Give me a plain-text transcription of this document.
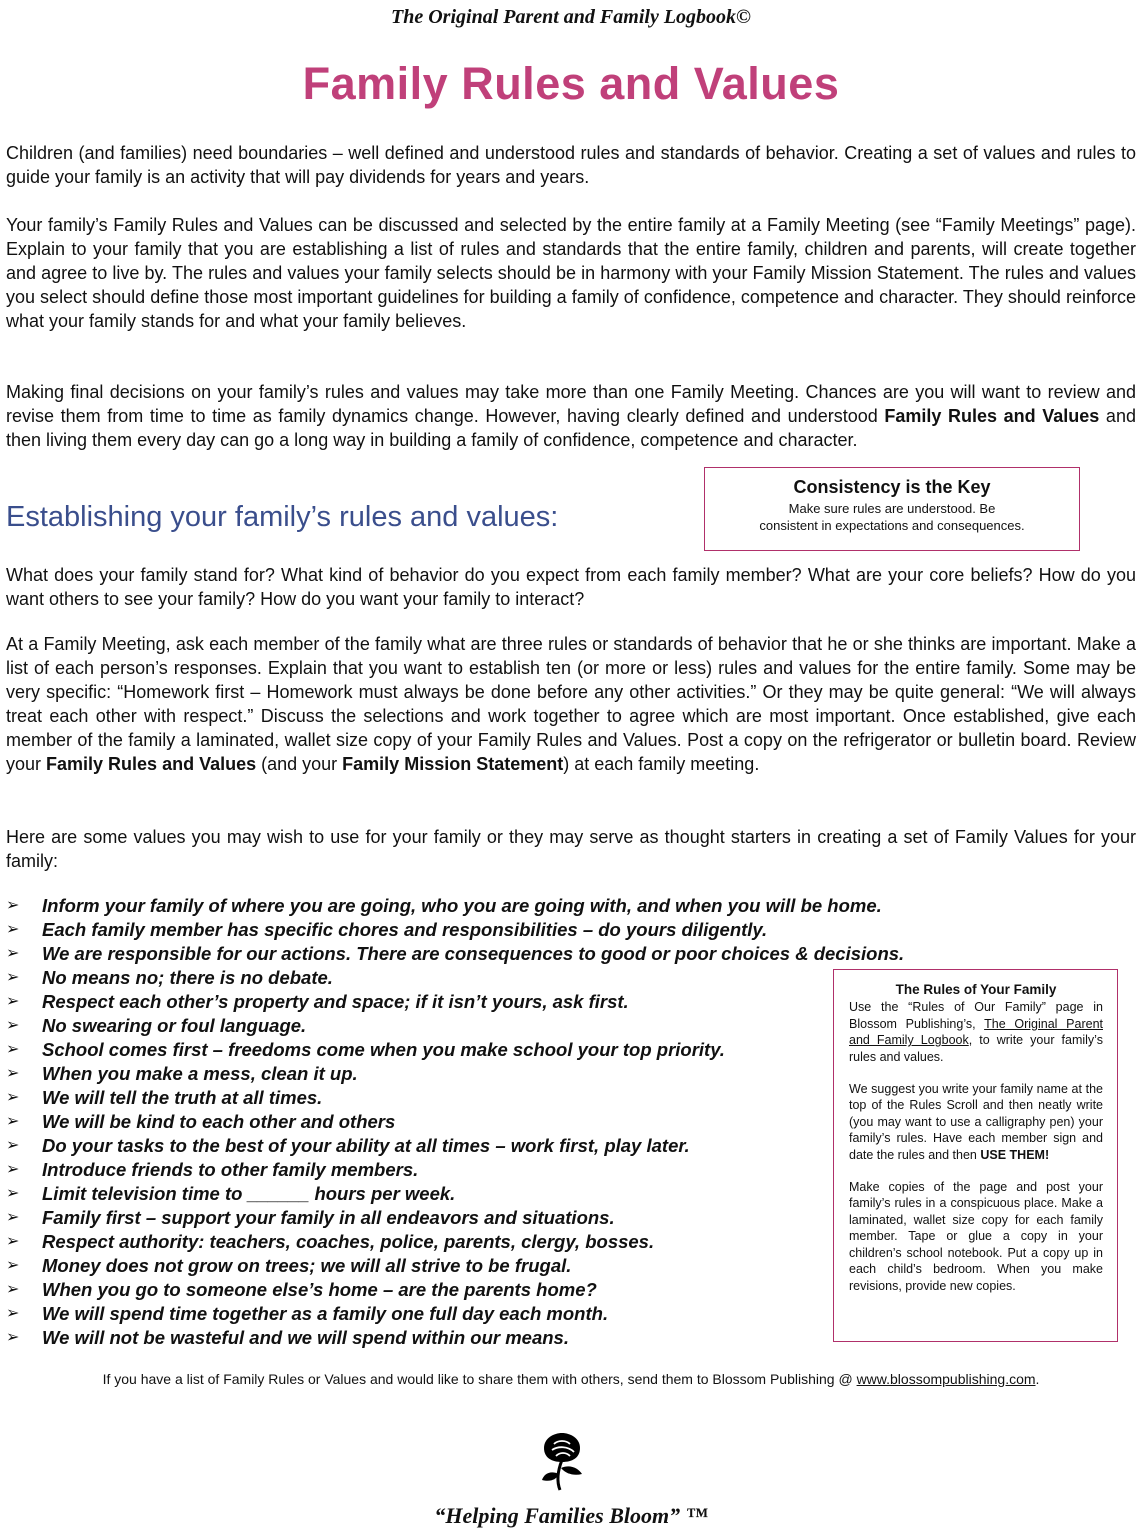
The Original Parent and Family Logbook©
Family Rules and Values

Children (and families) need boundaries – well defined and understood rules and standards of behavior. Creating a set of values and rules to guide your family is an activity that will pay dividends for years and years.

Your family’s Family Rules and Values can be discussed and selected by the entire family at a Family Meeting (see “Family Meetings” page). Explain to your family that you are establishing a list of rules and standards that the entire family, children and parents, will create together and agree to live by. The rules and values your family selects should be in harmony with your Family Mission Statement. The rules and values you select should define those most important guidelines for building a family of confidence, competence and character. They should reinforce what your family stands for and what your family believes.

Making final decisions on your family’s rules and values may take more than one Family Meeting. Chances are you will want to review and revise them from time to time as family dynamics change. However, having clearly defined and understood Family Rules and Values and then living them every day can go a long way in building a family of confidence, competence and character.

Establishing your family’s rules and values:
Consistency is the Key
Make sure rules are understood. Be
consistent in expectations and consequences.

What does your family stand for? What kind of behavior do you expect from each family member? What are your core beliefs? How do you want others to see your family? How do you want your family to interact?

At a Family Meeting, ask each member of the family what are three rules or standards of behavior that he or she thinks are important. Make a list of each person’s responses. Explain that you want to establish ten (or more or less) rules and values for the entire family. Some may be very specific: “Homework first – Homework must always be done before any other activities.” Or they may be quite general: “We will always treat each other with respect.” Discuss the selections and work together to agree which are most important. Once established, give each member of the family a laminated, wallet size copy of your Family Rules and Values. Post a copy on the refrigerator or bulletin board. Review your Family Rules and Values (and your Family Mission Statement) at each family meeting.

Here are some values you may wish to use for your family or they may serve as thought starters in creating a set of Family Values for your family:

➢	Inform your family of where you are going, who you are going with, and when you will be home.
➢	Each family member has specific chores and responsibilities – do yours diligently.
➢	We are responsible for our actions. There are consequences to good or poor choices & decisions.
➢	No means no; there is no debate.
➢	Respect each other’s property and space; if it isn’t yours, ask first.
➢	No swearing or foul language.
➢	School comes first – freedoms come when you make school your top priority.
➢	When you make a mess, clean it up.
➢	We will tell the truth at all times.
➢	We will be kind to each other and others
➢	Do your tasks to the best of your ability at all times – work first, play later.
➢	Introduce friends to other family members.
➢	Limit television time to ______ hours per week.
➢	Family first – support your family in all endeavors and situations.
➢	Respect authority: teachers, coaches, police, parents, clergy, bosses.
➢	Money does not grow on trees; we will all strive to be frugal.
➢	When you go to someone else’s home – are the parents home?
➢	We will spend time together as a family one full day each month.
➢	We will not be wasteful and we will spend within our means.
The Rules of Your Family

Use the “Rules of Our Family” page in Blossom Publishing’s, The Original Parent and Family Logbook, to write your family’s rules and values.

We suggest you write your family name at the top of the Rules Scroll and then neatly write (you may want to use a calligraphy pen) your family’s rules. Have each member sign and date the rules and then USE THEM!

Make copies of the page and post your family’s rules in a conspicuous place. Make a laminated, wallet size copy for each family member. Tape or glue a copy in your children’s school notebook. Put a copy up in each child’s bedroom. When you make revisions, provide new copies.

If you have a list of Family Rules or Values and would like to share them with others, send them to Blossom Publishing @ www.blossompublishing.com.
“Helping Families Bloom” ™
